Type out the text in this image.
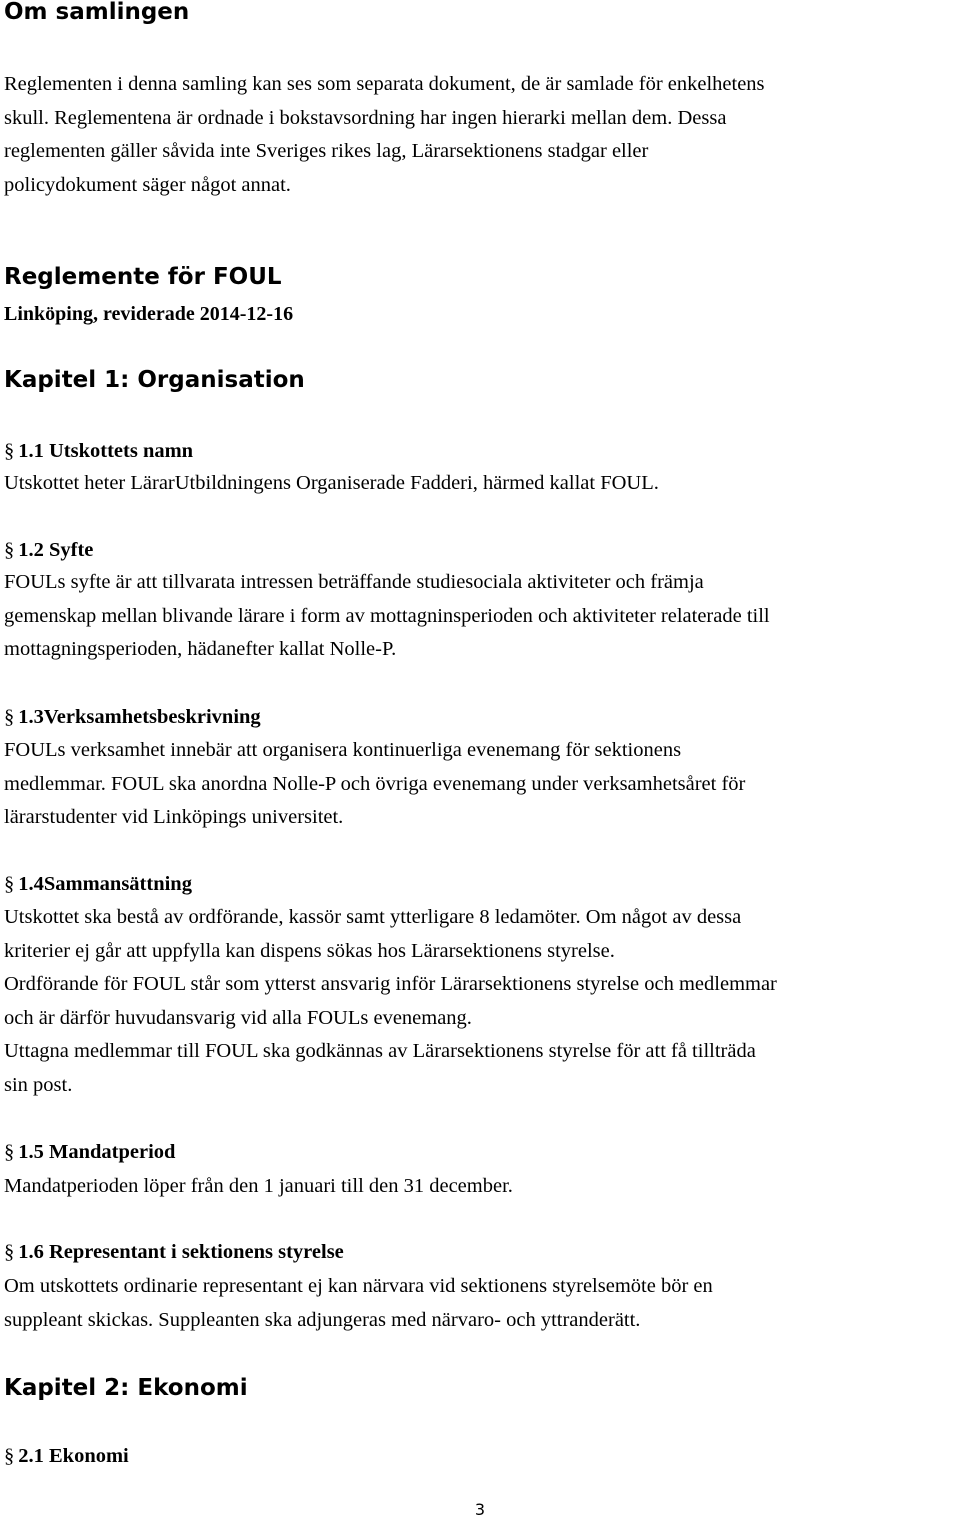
Om samlingen

Reglementen i denna samling kan ses som separata dokument, de är samlade för enkelhetens
skull. Reglementena är ordnade i bokstavsordning har ingen hierarki mellan dem. Dessa
reglementen gäller såvida inte Sveriges rikes lag, Lärarsektionens stadgar eller
policydokument säger något annat.

Reglemente för FOUL
Linköping, reviderade 2014-12-16
Kapitel 1: Organisation
§ 1.1 Utskottets namn

Utskottet heter LärarUtbildningens Organiserade Fadderi, härmed kallat FOUL.

§ 1.2 Syfte

FOULs syfte är att tillvarata intressen beträffande studiesociala aktiviteter och främja
gemenskap mellan blivande lärare i form av mottagninsperioden och aktiviteter relaterade till
mottagningsperioden, hädanefter kallat Nolle-P.

§ 1.3Verksamhetsbeskrivning

FOULs verksamhet innebär att organisera kontinuerliga evenemang för sektionens
medlemmar. FOUL ska anordna Nolle-P och övriga evenemang under verksamhetsåret för
lärarstudenter vid Linköpings universitet.

§ 1.4Sammansättning

Utskottet ska bestå av ordförande, kassör samt ytterligare 8 ledamöter. Om något av dessa
kriterier ej går att uppfylla kan dispens sökas hos Lärarsektionens styrelse.
Ordförande för FOUL står som ytterst ansvarig inför Lärarsektionens styrelse och medlemmar
och är därför huvudansvarig vid alla FOULs evenemang.
Uttagna medlemmar till FOUL ska godkännas av Lärarsektionens styrelse för att få tillträda
sin post.

§ 1.5 Mandatperiod

Mandatperioden löper från den 1 januari till den 31 december.

§ 1.6 Representant i sektionens styrelse

Om utskottets ordinarie representant ej kan närvara vid sektionens styrelsemöte bör en
suppleant skickas. Suppleanten ska adjungeras med närvaro- och yttranderätt.

Kapitel 2: Ekonomi
§ 2.1 Ekonomi
3
